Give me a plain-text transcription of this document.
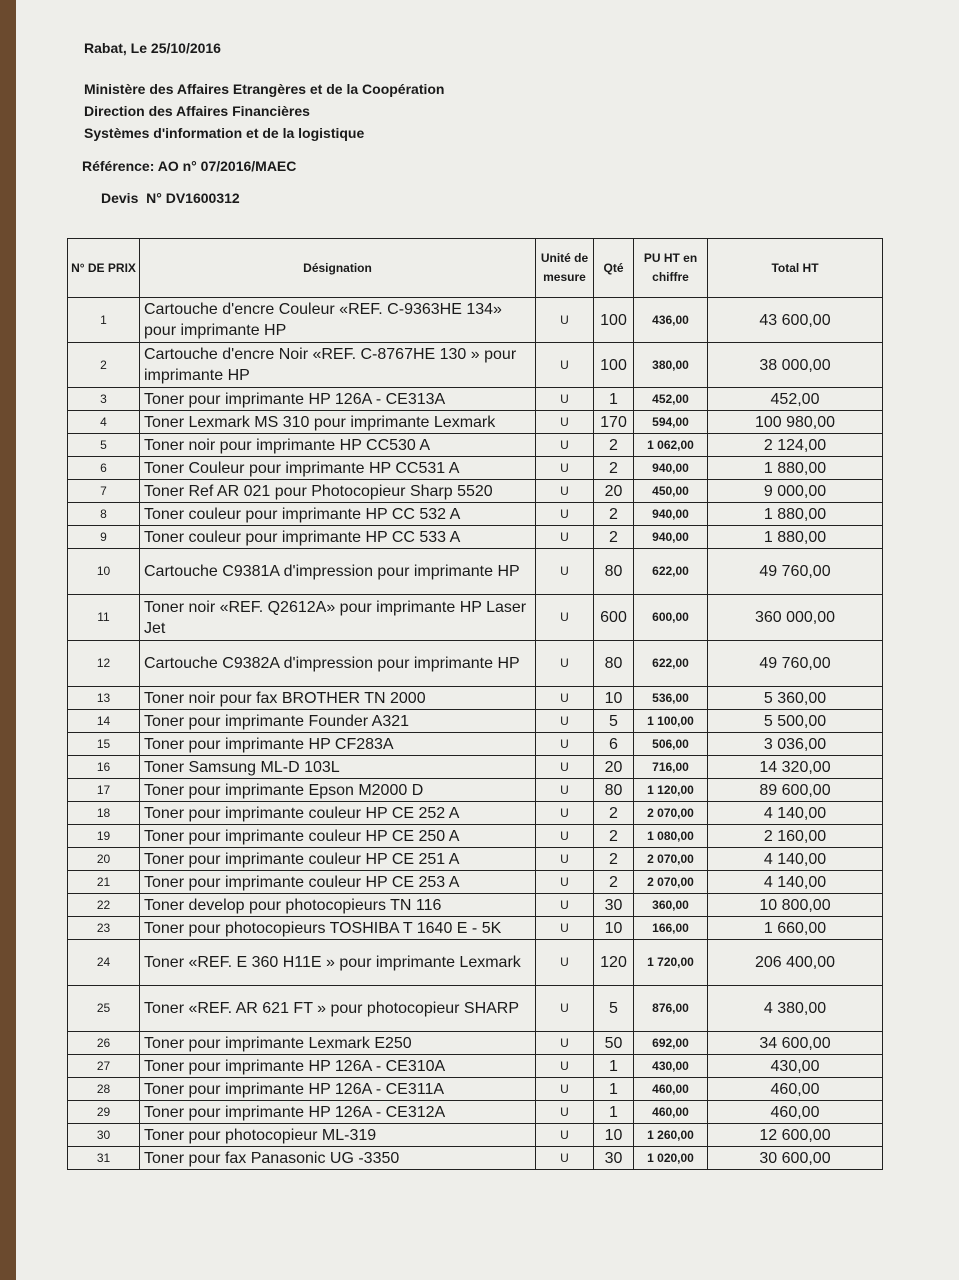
Rabat, Le 25/10/2016
Ministère des Affaires Etrangères et de la Coopération
Direction des Affaires Financières
Systèmes d'information et de la logistique
Référence: AO n° 07/2016/MAEC
Devis  N° DV1600312
N° DE PRIX	Désignation	Unité de mesure	Qté	PU HT en chiffre	Total HT
1	Cartouche d'encre Couleur «REF. C-9363HE 134» pour imprimante HP	U	100	436,00	43 600,00
2	Cartouche d'encre Noir «REF. C-8767HE 130 » pour imprimante HP	U	100	380,00	38 000,00
3	Toner pour imprimante HP 126A - CE313A	U	1	452,00	452,00
4	Toner Lexmark MS 310 pour imprimante Lexmark	U	170	594,00	100 980,00
5	Toner noir pour imprimante HP CC530 A	U	2	1 062,00	2 124,00
6	Toner Couleur pour imprimante HP CC531 A	U	2	940,00	1 880,00
7	Toner Ref AR 021 pour Photocopieur Sharp 5520	U	20	450,00	9 000,00
8	Toner couleur pour imprimante HP CC 532 A	U	2	940,00	1 880,00
9	Toner couleur pour imprimante HP CC 533 A	U	2	940,00	1 880,00
10	Cartouche C9381A d'impression pour imprimante HP	U	80	622,00	49 760,00
11	Toner noir «REF. Q2612A» pour imprimante HP Laser Jet	U	600	600,00	360 000,00
12	Cartouche C9382A d'impression pour imprimante HP	U	80	622,00	49 760,00
13	Toner noir pour fax BROTHER TN 2000	U	10	536,00	5 360,00
14	Toner pour imprimante Founder A321	U	5	1 100,00	5 500,00
15	Toner pour imprimante HP CF283A	U	6	506,00	3 036,00
16	Toner Samsung ML-D 103L	U	20	716,00	14 320,00
17	Toner pour imprimante Epson M2000 D	U	80	1 120,00	89 600,00
18	Toner pour imprimante couleur HP CE 252 A	U	2	2 070,00	4 140,00
19	Toner pour imprimante couleur HP CE 250 A	U	2	1 080,00	2 160,00
20	Toner pour imprimante couleur HP CE 251 A	U	2	2 070,00	4 140,00
21	Toner pour imprimante couleur HP CE 253 A	U	2	2 070,00	4 140,00
22	Toner develop pour photocopieurs TN 116	U	30	360,00	10 800,00
23	Toner pour photocopieurs TOSHIBA T 1640 E - 5K	U	10	166,00	1 660,00
24	Toner «REF. E 360 H11E » pour imprimante Lexmark	U	120	1 720,00	206 400,00
25	Toner «REF. AR 621 FT » pour photocopieur SHARP	U	5	876,00	4 380,00
26	Toner pour imprimante Lexmark E250	U	50	692,00	34 600,00
27	Toner pour imprimante HP 126A - CE310A	U	1	430,00	430,00
28	Toner pour imprimante HP 126A - CE311A	U	1	460,00	460,00
29	Toner pour imprimante HP 126A - CE312A	U	1	460,00	460,00
30	Toner pour photocopieur ML-319	U	10	1 260,00	12 600,00
31	Toner pour fax Panasonic UG -3350	U	30	1 020,00	30 600,00
